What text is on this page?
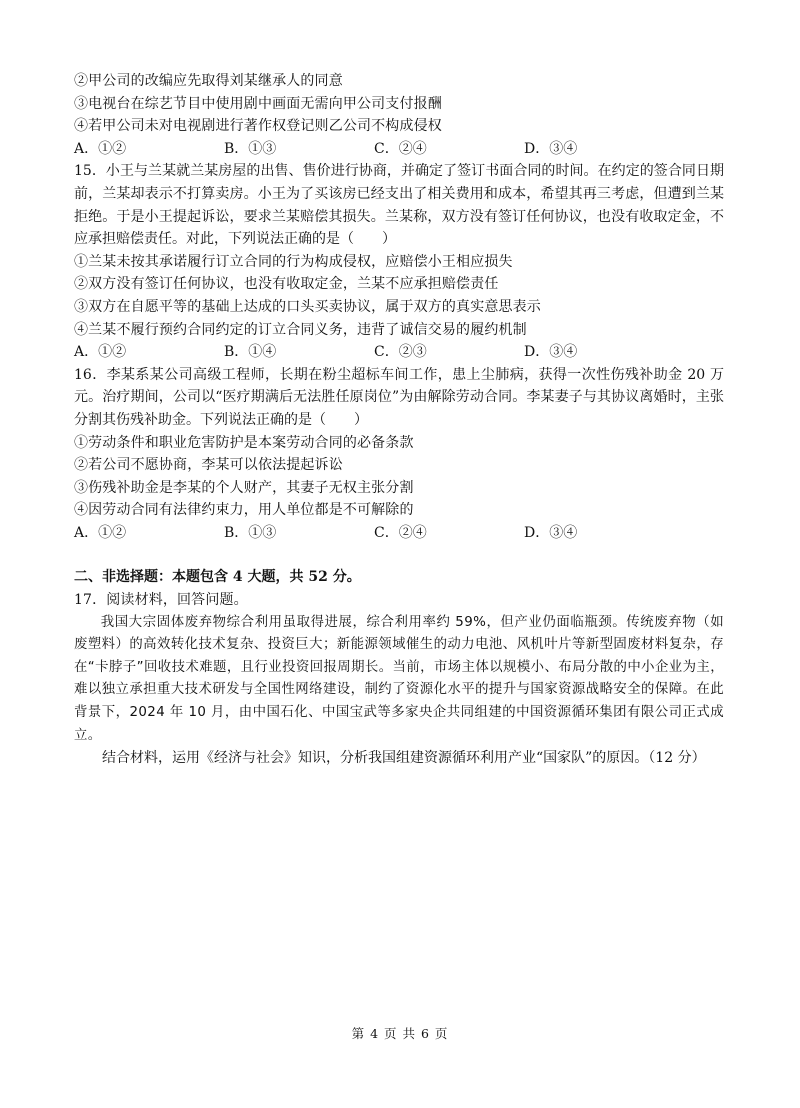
②甲公司的改编应先取得刘某继承人的同意
③电视台在综艺节目中使用剧中画面无需向甲公司支付报酬
④若甲公司未对电视剧进行著作权登记则乙公司不构成侵权
A．①②	B．①③	C．②④	D．③④
15．小王与兰某就兰某房屋的出售、售价进行协商，并确定了签订书面合同的时间。在约定的签合同日期前，兰某却表示不打算卖房。小王为了买该房已经支出了相关费用和成本，希望其再三考虑，但遭到兰某拒绝。于是小王提起诉讼，要求兰某赔偿其损失。兰某称，双方没有签订任何协议，也没有收取定金，不应承担赔偿责任。对此，下列说法正确的是（　　）
①兰某未按其承诺履行订立合同的行为构成侵权，应赔偿小王相应损失
②双方没有签订任何协议，也没有收取定金，兰某不应承担赔偿责任
③双方在自愿平等的基础上达成的口头买卖协议，属于双方的真实意思表示
④兰某不履行预约合同约定的订立合同义务，违背了诚信交易的履约机制
A．①②	B．①④	C．②③	D．③④
16．李某系某公司高级工程师，长期在粉尘超标车间工作，患上尘肺病，获得一次性伤残补助金 20 万元。治疗期间，公司以“医疗期满后无法胜任原岗位”为由解除劳动合同。李某妻子与其协议离婚时，主张分割其伤残补助金。下列说法正确的是（　　）
①劳动条件和职业危害防护是本案劳动合同的必备条款
②若公司不愿协商，李某可以依法提起诉讼
③伤残补助金是李某的个人财产，其妻子无权主张分割
④因劳动合同有法律约束力，用人单位都是不可解除的
A．①②	B．①③	C．②④	D．③④
二、非选择题：本题包含 4 大题，共 52 分。
17．阅读材料，回答问题。
我国大宗固体废弃物综合利用虽取得进展，综合利用率约 59%，但产业仍面临瓶颈。传统废弃物（如废塑料）的高效转化技术复杂、投资巨大；新能源领域催生的动力电池、风机叶片等新型固废材料复杂，存在“卡脖子”回收技术难题，且行业投资回报周期长。当前，市场主体以规模小、布局分散的中小企业为主，难以独立承担重大技术研发与全国性网络建设，制约了资源化水平的提升与国家资源战略安全的保障。在此背景下，2024 年 10 月，由中国石化、中国宝武等多家央企共同组建的中国资源循环集团有限公司正式成立。
结合材料，运用《经济与社会》知识，分析我国组建资源循环利用产业“国家队”的原因。（12 分）
第 4 页 共 6 页
